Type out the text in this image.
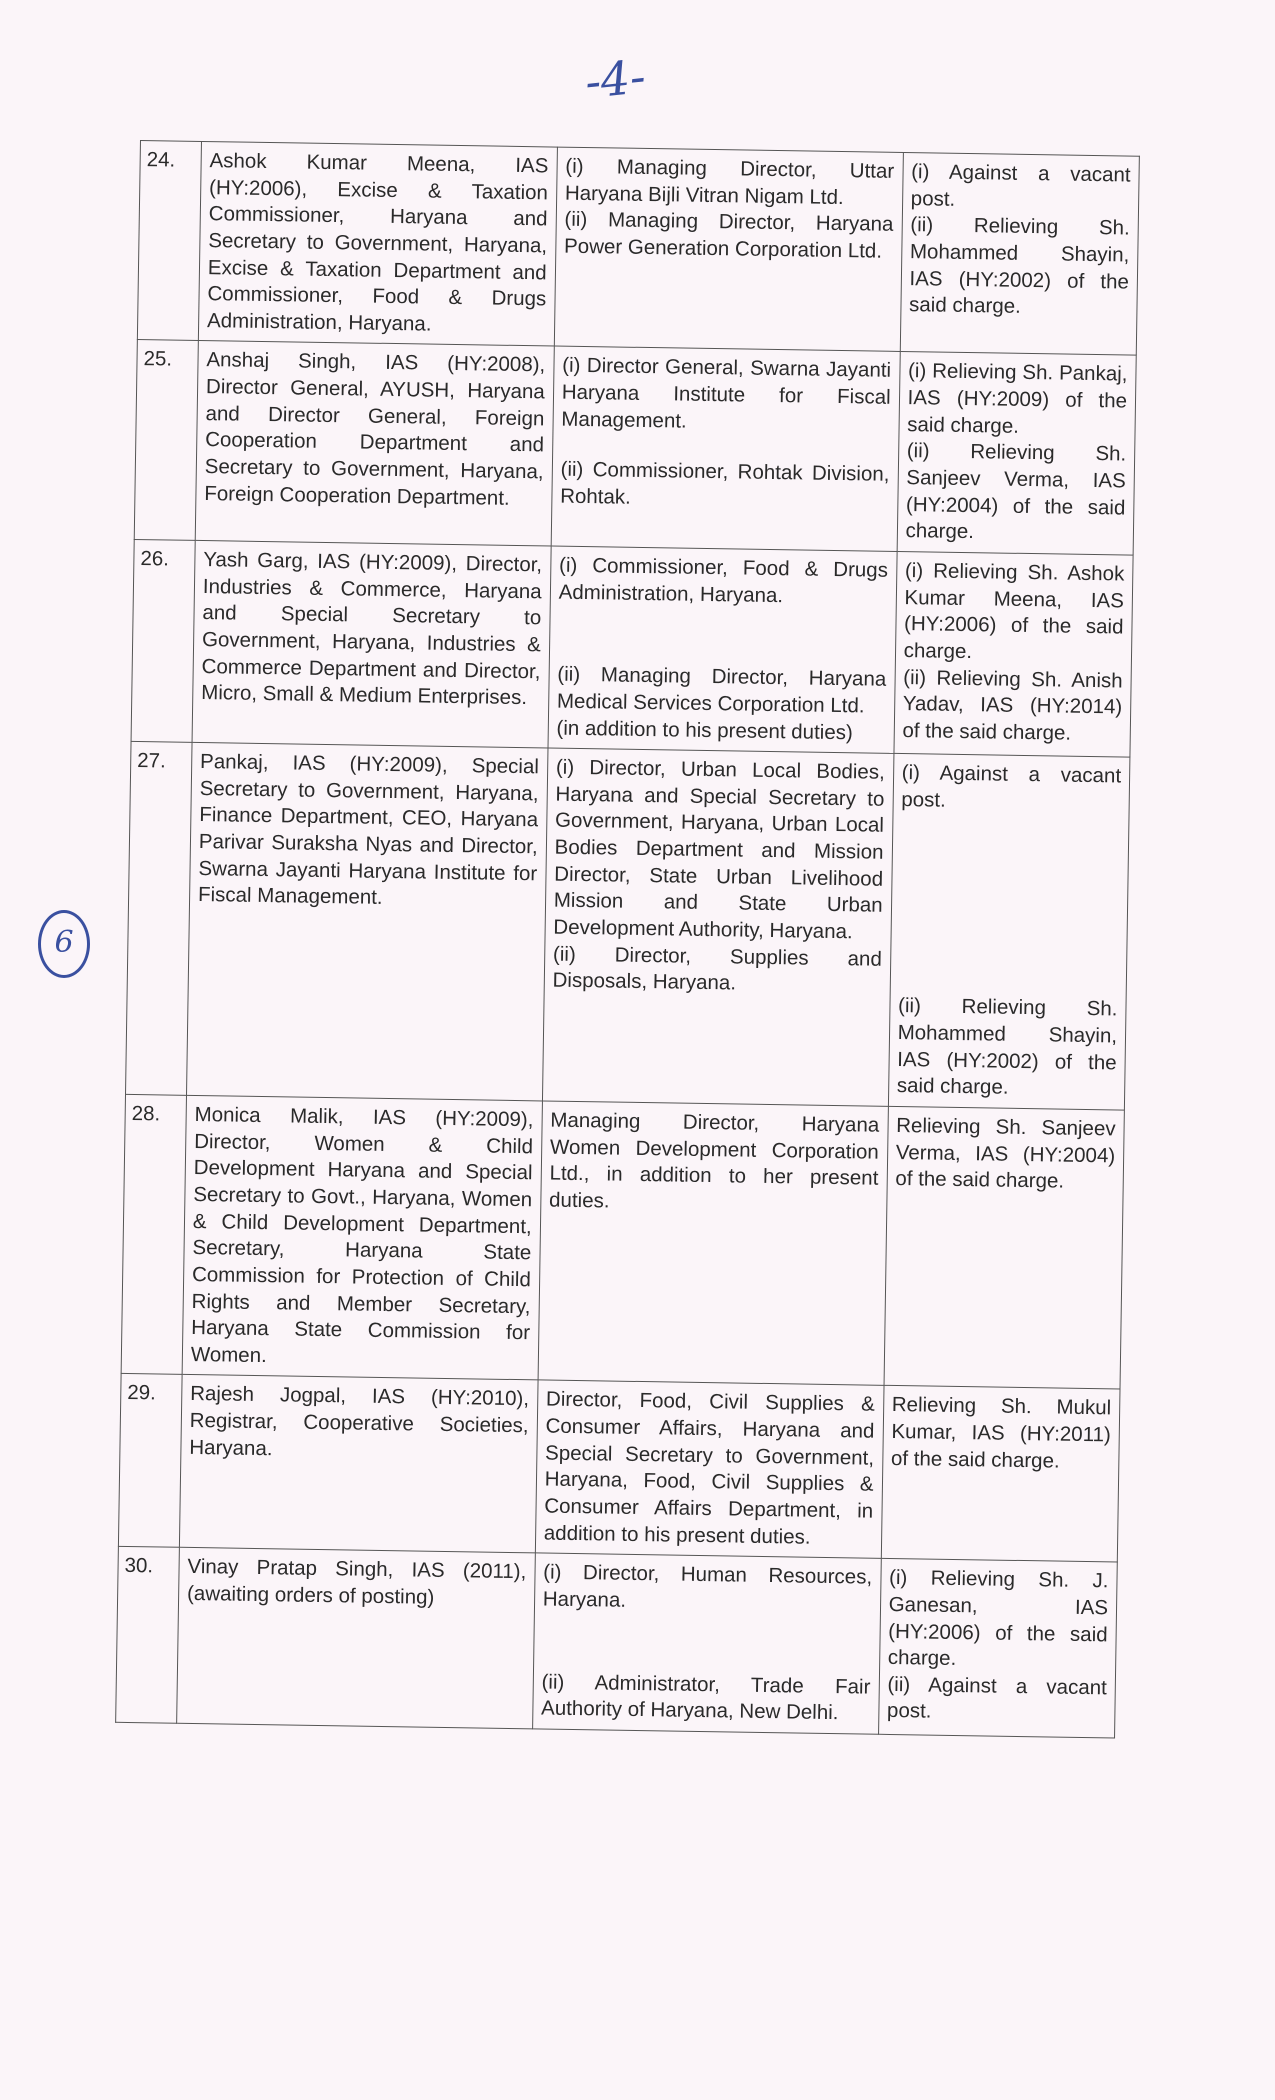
-4-
6
24.	Ashok Kumar Meena, IAS (HY:2006), Excise & Taxation Commissioner, Haryana and Secretary to Government, Haryana, Excise & Taxation Department and Commissioner, Food & Drugs Administration, Haryana.	(i) Managing Director, Uttar Haryana Bijli Vitran Nigam Ltd.
(ii) Managing Director, Haryana Power Generation Corporation Ltd.	(i) Against a vacant post.
(ii) Relieving Sh. Mohammed Shayin, IAS (HY:2002) of the said charge.

25.	Anshaj Singh, IAS (HY:2008), Director General, AYUSH, Haryana and Director General, Foreign Cooperation Department and Secretary to Government, Haryana, Foreign Cooperation Department.	(i) Director General, Swarna Jayanti Haryana Institute for Fiscal Management.
(ii) Commissioner, Rohtak Division, Rohtak.	(i) Relieving Sh. Pankaj, IAS (HY:2009) of the said charge.
(ii) Relieving Sh. Sanjeev Verma, IAS (HY:2004) of the said charge.

26.	Yash Garg, IAS (HY:2009), Director, Industries & Commerce, Haryana and Special Secretary to Government, Haryana, Industries & Commerce Department and Director, Micro, Small & Medium Enterprises.	(i) Commissioner, Food & Drugs Administration, Haryana.
(ii) Managing Director, Haryana Medical Services Corporation Ltd.
(in addition to his present duties)	(i) Relieving Sh. Ashok Kumar Meena, IAS (HY:2006) of the said charge.
(ii) Relieving Sh. Anish Yadav, IAS (HY:2014) of the said charge.

27.	Pankaj, IAS (HY:2009), Special Secretary to Government, Haryana, Finance Department, CEO, Haryana Parivar Suraksha Nyas and Director, Swarna Jayanti Haryana Institute for Fiscal Management.	(i) Director, Urban Local Bodies, Haryana and Special Secretary to Government, Haryana, Urban Local Bodies Department and Mission Director, State Urban Livelihood Mission and State Urban Development Authority, Haryana.
(ii) Director, Supplies and Disposals, Haryana.	(i) Against a vacant post.
(ii) Relieving Sh. Mohammed Shayin, IAS (HY:2002) of the said charge.

28.	Monica Malik, IAS (HY:2009), Director, Women & Child Development Haryana and Special Secretary to Govt., Haryana, Women & Child Development Department, Secretary, Haryana State Commission for Protection of Child Rights and Member Secretary, Haryana State Commission for Women.	Managing Director, Haryana Women Development Corporation Ltd., in addition to her present duties.	Relieving Sh. Sanjeev Verma, IAS (HY:2004) of the said charge.

29.	Rajesh Jogpal, IAS (HY:2010), Registrar, Cooperative Societies, Haryana.	Director, Food, Civil Supplies & Consumer Affairs, Haryana and Special Secretary to Government, Haryana, Food, Civil Supplies & Consumer Affairs Department, in addition to his present duties.	Relieving Sh. Mukul Kumar, IAS (HY:2011) of the said charge.

30.	Vinay Pratap Singh, IAS (2011), (awaiting orders of posting)	(i) Director, Human Resources, Haryana.
(ii) Administrator, Trade Fair Authority of Haryana, New Delhi.	(i) Relieving Sh. J. Ganesan, IAS (HY:2006) of the said charge.
(ii) Against a vacant post.
